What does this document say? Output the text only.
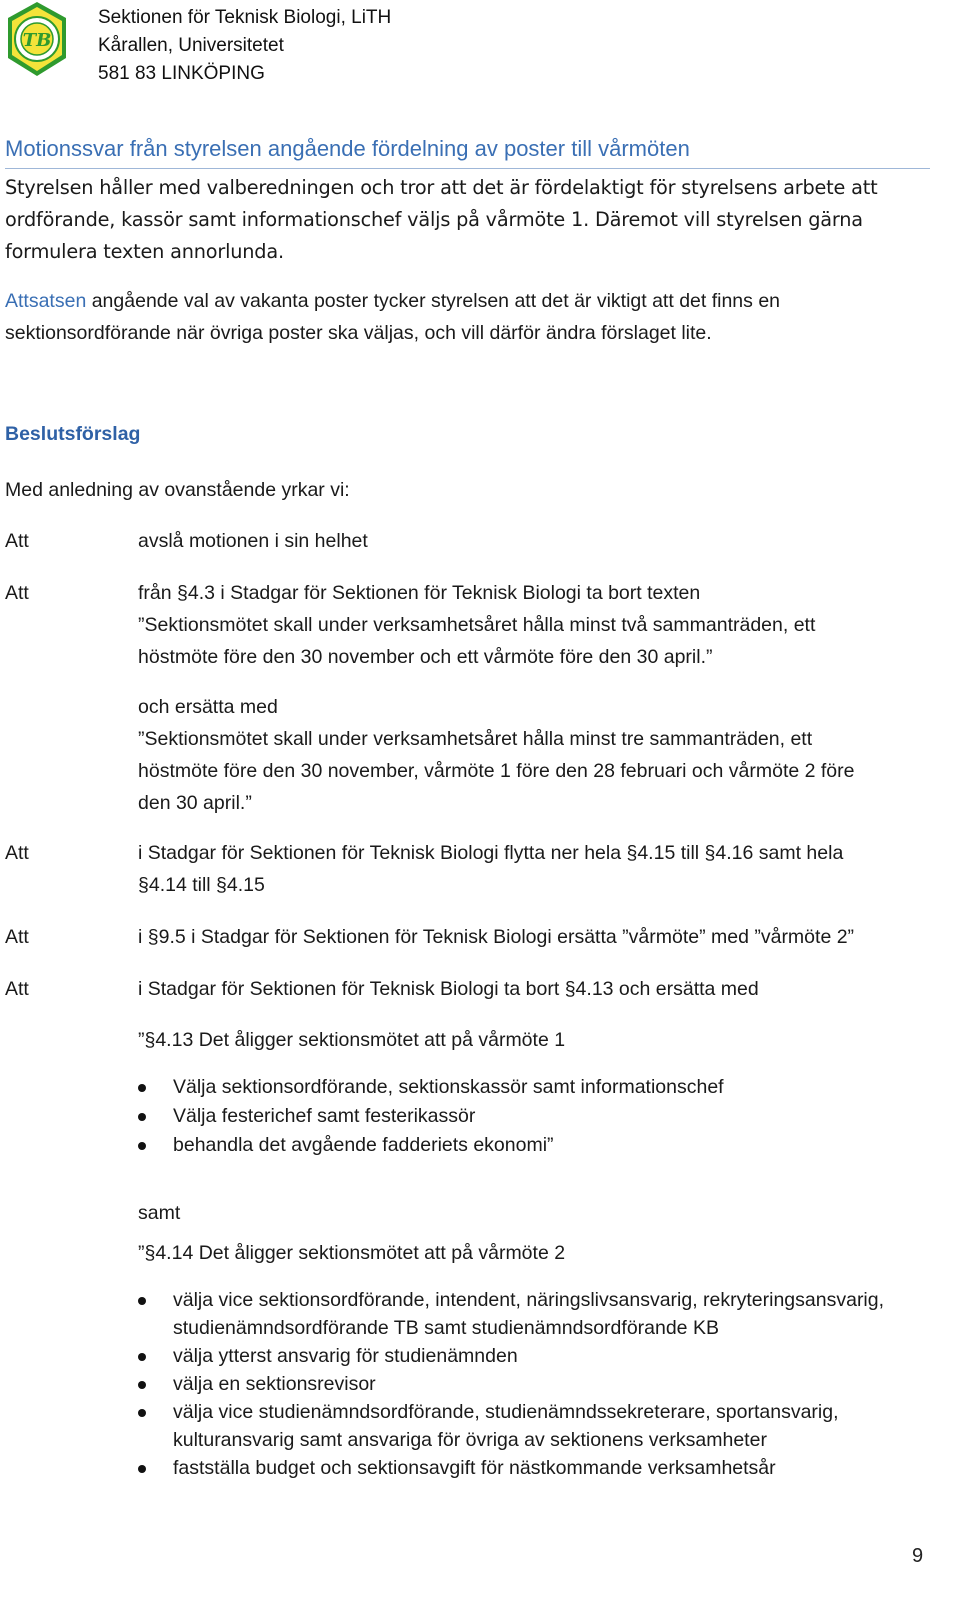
TB
Sektionen för Teknisk Biologi, LiTH
Kårallen, Universitetet
581 83 LINKÖPING
Motionssvar från styrelsen angående fördelning av poster till vårmöten
Styrelsen håller med valberedningen och tror att det är fördelaktigt för styrelsens arbete att ordförande, kassör samt informationschef väljs på vårmöte 1. Däremot vill styrelsen gärna formulera texten annorlunda.
Attsatsen angående val av vakanta poster tycker styrelsen att det är viktigt att det finns en sektionsordförande när övriga poster ska väljas, och vill därför ändra förslaget lite.
Beslutsförslag
Med anledning av ovanstående yrkar vi:
Att	avslå motionen i sin helhet
Att	från §4.3 i Stadgar för Sektionen för Teknisk Biologi ta bort texten
”Sektionsmötet skall under verksamhetsåret hålla minst två sammanträden, ett
höstmöte före den 30 november och ett vårmöte före den 30 april.”
och ersätta med
”Sektionsmötet skall under verksamhetsåret hålla minst tre sammanträden, ett
höstmöte före den 30 november, vårmöte 1 före den 28 februari och vårmöte 2 före
den 30 april.”
Att	i Stadgar för Sektionen för Teknisk Biologi flytta ner hela §4.15 till §4.16 samt hela
§4.14 till §4.15
Att	i §9.5 i Stadgar för Sektionen för Teknisk Biologi ersätta ”vårmöte” med ”vårmöte 2”
Att	i Stadgar för Sektionen för Teknisk Biologi ta bort §4.13 och ersätta med
”§4.13 Det åligger sektionsmötet att på vårmöte 1
Välja sektionsordförande, sektionskassör samt informationschef
Välja festerichef samt festerikassör
behandla det avgående fadderiets ekonomi”
samt
”§4.14 Det åligger sektionsmötet att på vårmöte 2
välja vice sektionsordförande, intendent, näringslivsansvarig, rekryteringsansvarig, studienämndsordförande TB samt studienämndsordförande KB
välja ytterst ansvarig för studienämnden
välja en sektionsrevisor
välja vice studienämndsordförande, studienämndssekreterare, sportansvarig, kulturansvarig samt ansvariga för övriga av sektionens verksamheter
fastställa budget och sektionsavgift för nästkommande verksamhetsår
9
